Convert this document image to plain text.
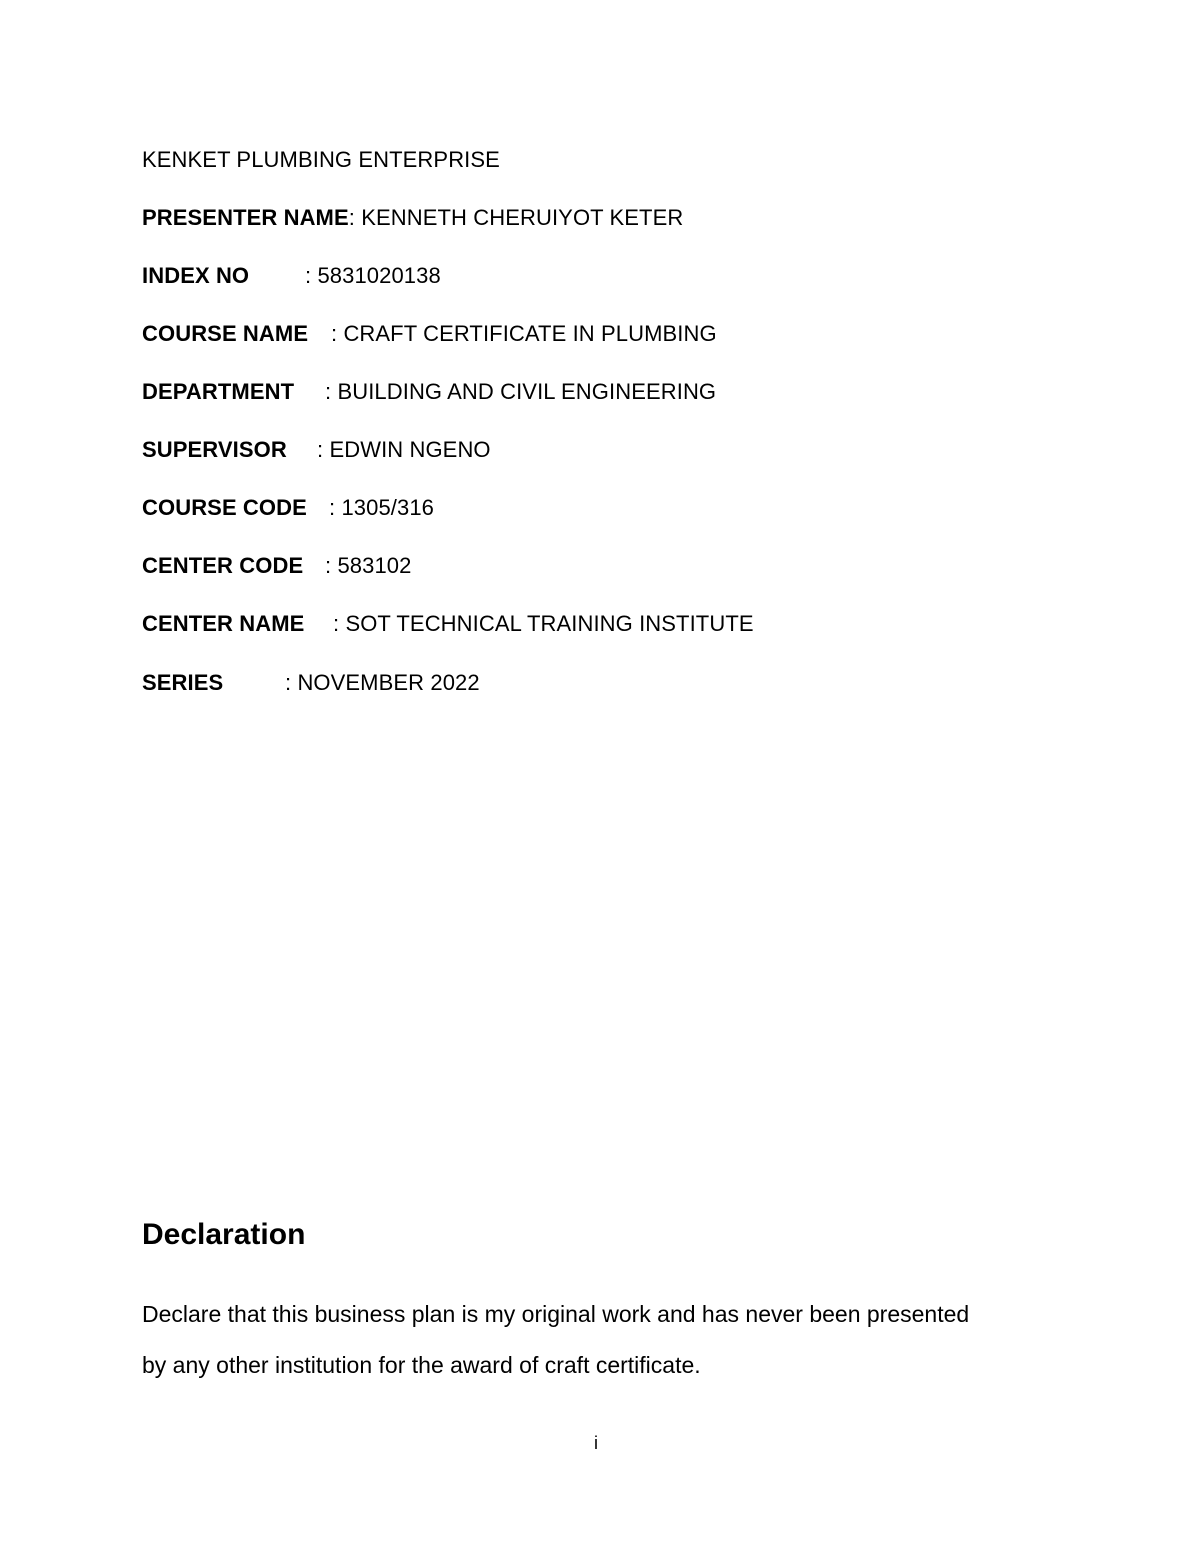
KENKET PLUMBING ENTERPRISE
PRESENTER NAME: KENNETH CHERUIYOT KETER
INDEX NO	: 5831020138
COURSE NAME : CRAFT CERTIFICATE IN PLUMBING
DEPARTMENT : BUILDING AND CIVIL ENGINEERING
SUPERVISOR : EDWIN NGENO
COURSE CODE : 1305/316
CENTER CODE : 583102
CENTER NAME : SOT TECHNICAL TRAINING INSTITUTE
SERIES	: NOVEMBER 2022
Declaration
Declare that this business plan is my original work and has never been presented
by any other institution for the award of craft certificate.
i
